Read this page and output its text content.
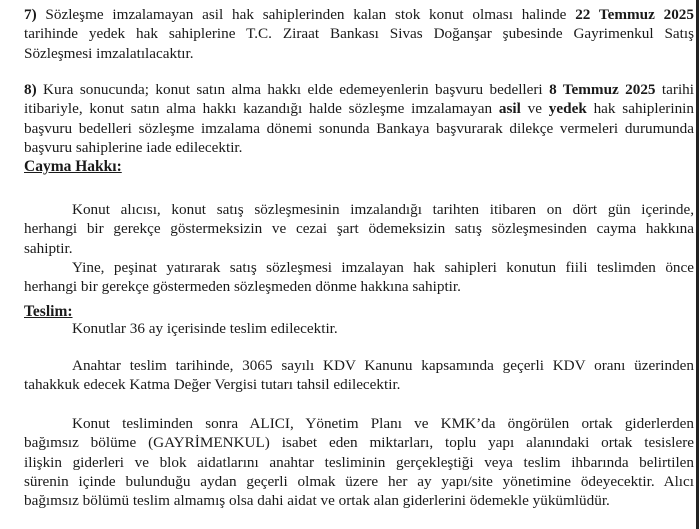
7) Sözleşme imzalamayan asil hak sahiplerinden kalan stok konut olması halinde 22 Temmuz 2025
tarihinde yedek hak sahiplerine T.C. Ziraat Bankası Sivas Doğanşar şubesinde Gayrimenkul Satış
Sözleşmesi imzalatılacaktır.
8) Kura sonucunda; konut satın alma hakkı elde edemeyenlerin başvuru bedelleri 8 Temmuz 2025 tarihi
itibariyle, konut satın alma hakkı kazandığı halde sözleşme imzalamayan asil ve yedek hak sahiplerinin
başvuru bedelleri sözleşme imzalama dönemi sonunda Bankaya başvurarak dilekçe vermeleri durumunda
başvuru sahiplerine iade edilecektir.
Cayma Hakkı:
Konut alıcısı, konut satış sözleşmesinin imzalandığı tarihten itibaren on dört gün içerinde,
herhangi bir gerekçe göstermeksizin ve cezai şart ödemeksizin satış sözleşmesinden cayma hakkına
sahiptir.
Yine, peşinat yatırarak satış sözleşmesi imzalayan hak sahipleri konutun fiili teslimden önce
herhangi bir gerekçe göstermeden sözleşmeden dönme hakkına sahiptir.
Teslim:
Konutlar 36 ay içerisinde teslim edilecektir.
Anahtar teslim tarihinde, 3065 sayılı KDV Kanunu kapsamında geçerli KDV oranı üzerinden
tahakkuk edecek Katma Değer Vergisi tutarı tahsil edilecektir.
Konut tesliminden sonra ALICI, Yönetim Planı ve KMK’da öngörülen ortak giderlerden
bağımsız bölüme (GAYRİMENKUL) isabet eden miktarları, toplu yapı alanındaki ortak tesislere
ilişkin giderleri ve blok aidatlarını anahtar tesliminin gerçekleştiği veya teslim ihbarında belirtilen
sürenin içinde bulunduğu aydan geçerli olmak üzere her ay yapı/site yönetimine ödeyecektir. Alıcı
bağımsız bölümü teslim almamış olsa dahi aidat ve ortak alan giderlerini ödemekle yükümlüdür.
